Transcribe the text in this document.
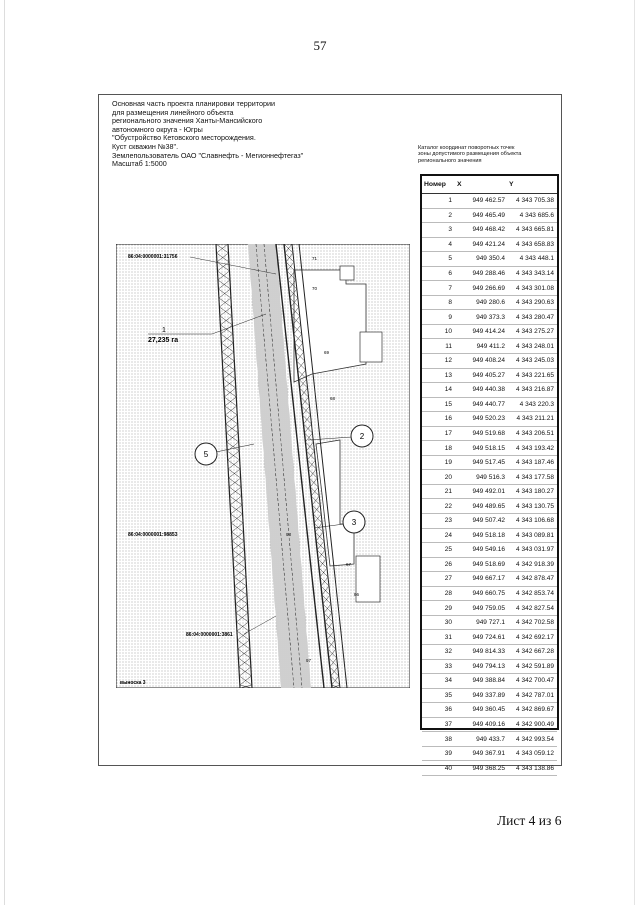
57
Основная часть проекта планировки территории
для размещения линейного объекта
регионального значения Ханты-Мансийского
автономного округа - Югры
"Обустройство Кетовского месторождения.
Куст скважин №38".
Землепользователь ОАО "Славнефть - Мегионнефтегаз"
Масштаб 1:5000
Каталог координат поворотных точек
зоны допустимого размещения объекта
регионального значения
Номер	X	Y
1	949 462.57	4 343 705.38
2	949 465.49	4 343 685.6
3	949 468.42	4 343 665.81
4	949 421.24	4 343 658.83
5	949 350.4	4 343 448.1
6	949 288.46	4 343 343.14
7	949 266.69	4 343 301.08
8	949 280.6	4 343 290.63
9	949 373.3	4 343 280.47
10	949 414.24	4 343 275.27
11	949 411.2	4 343 248.01
12	949 408.24	4 343 245.03
13	949 405.27	4 343 221.65
14	949 440.38	4 343 216.87
15	949 440.77	4 343 220.3
16	949 520.23	4 343 211.21
17	949 519.68	4 343 206.51
18	949 518.15	4 343 193.42
19	949 517.45	4 343 187.46
20	949 516.3	4 343 177.58
21	949 492.01	4 343 180.27
22	949 489.65	4 343 130.75
23	949 507.42	4 343 106.68
24	949 518.18	4 343 089.81
25	949 549.16	4 343 031.97
26	949 518.69	4 342 918.39
27	949 667.17	4 342 878.47
28	949 660.75	4 342 853.74
29	949 759.05	4 342 827.54
30	949 727.1	4 342 702.58
31	949 724.61	4 342 692.17
32	949 814.33	4 342 667.28
33	949 794.13	4 342 591.89
34	949 388.84	4 342 700.47
35	949 337.89	4 342 787.01
36	949 360.45	4 342 869.67
37	949 409.16	4 342 900.49
38	949 433.7	4 342 993.54
39	949 367.91	4 343 059.12
40	949 368.25	4 343 138.86
86:04:0000001:31756
86:04:0000001:98853
86:04:0000001:3861
1
27,235 га
5
2
3
71
70
69
68
67
66
98
97
выноска 3
Лист 4 из 6
